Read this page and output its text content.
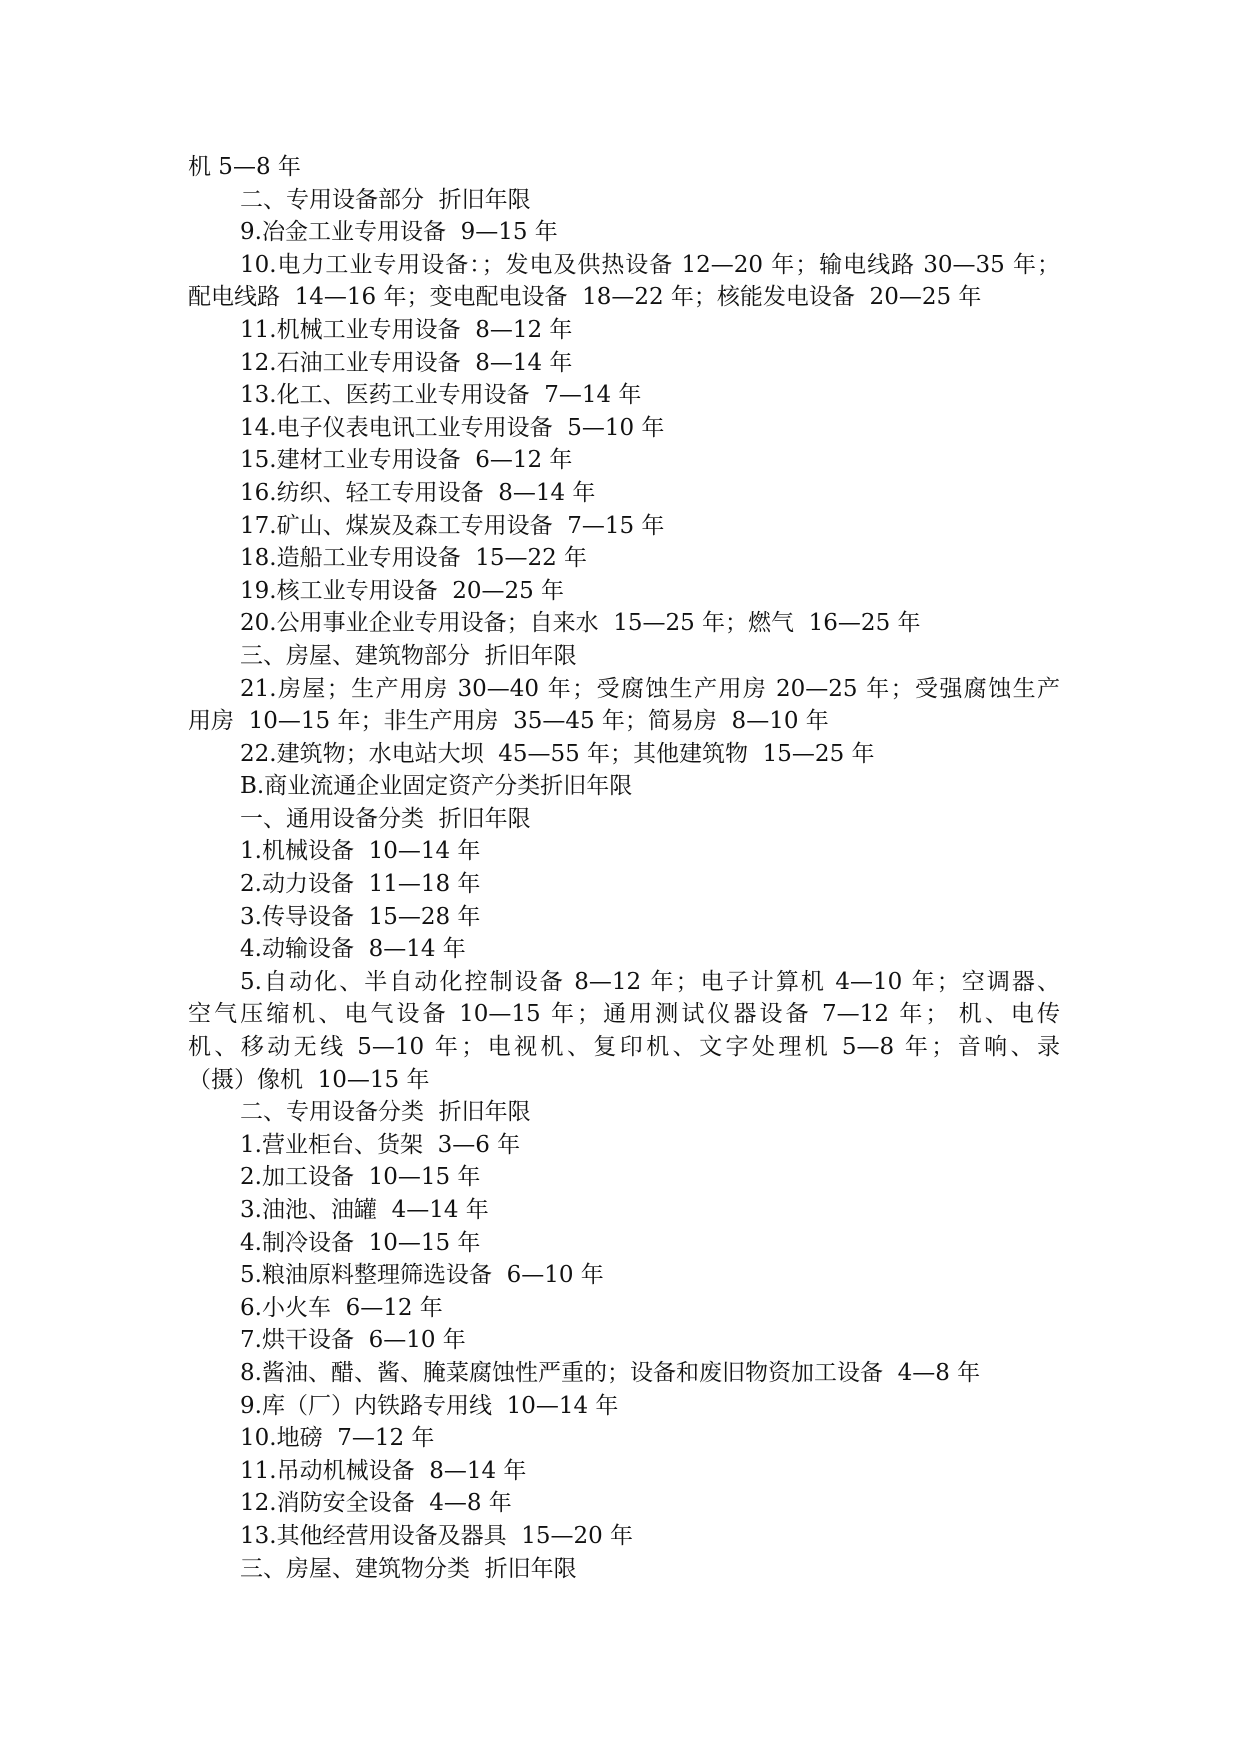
机 5—8 年
二、专用设备部分  折旧年限
9.冶金工业专用设备  9—15 年
10.电力工业专用设备：；发电及供热设备 12—20 年；输电线路 30—35 年；
配电线路  14—16 年；变电配电设备  18—22 年；核能发电设备  20—25 年
11.机械工业专用设备  8—12 年
12.石油工业专用设备  8—14 年
13.化工、医药工业专用设备  7—14 年
14.电子仪表电讯工业专用设备  5—10 年
15.建材工业专用设备  6—12 年
16.纺织、轻工专用设备  8—14 年
17.矿山、煤炭及森工专用设备  7—15 年
18.造船工业专用设备  15—22 年
19.核工业专用设备  20—25 年
20.公用事业企业专用设备；自来水  15—25 年；燃气  16—25 年
三、房屋、建筑物部分  折旧年限
21.房屋；生产用房 30—40 年；受腐蚀生产用房 20—25 年；受强腐蚀生产
用房  10—15 年；非生产用房  35—45 年；简易房  8—10 年
22.建筑物；水电站大坝  45—55 年；其他建筑物  15—25 年
B.商业流通企业固定资产分类折旧年限
一、通用设备分类  折旧年限
1.机械设备  10—14 年
2.动力设备  11—18 年
3.传导设备  15—28 年
4.动输设备  8—14 年
5.自动化、半自动化控制设备 8—12 年；电子计算机 4—10 年；空调器、
空气压缩机、电气设备 10—15 年；通用测试仪器设备 7—12 年； 机、电传
机、移动无线 5—10 年；电视机、复印机、文字处理机 5—8 年；音响、录
（摄）像机  10—15 年
二、专用设备分类  折旧年限
1.营业柜台、货架  3—6 年
2.加工设备  10—15 年
3.油池、油罐  4—14 年
4.制冷设备  10—15 年
5.粮油原料整理筛选设备  6—10 年
6.小火车  6—12 年
7.烘干设备  6—10 年
8.酱油、醋、酱、腌菜腐蚀性严重的；设备和废旧物资加工设备  4—8 年
9.库（厂）内铁路专用线  10—14 年
10.地磅  7—12 年
11.吊动机械设备  8—14 年
12.消防安全设备  4—8 年
13.其他经营用设备及器具  15—20 年
三、房屋、建筑物分类  折旧年限
